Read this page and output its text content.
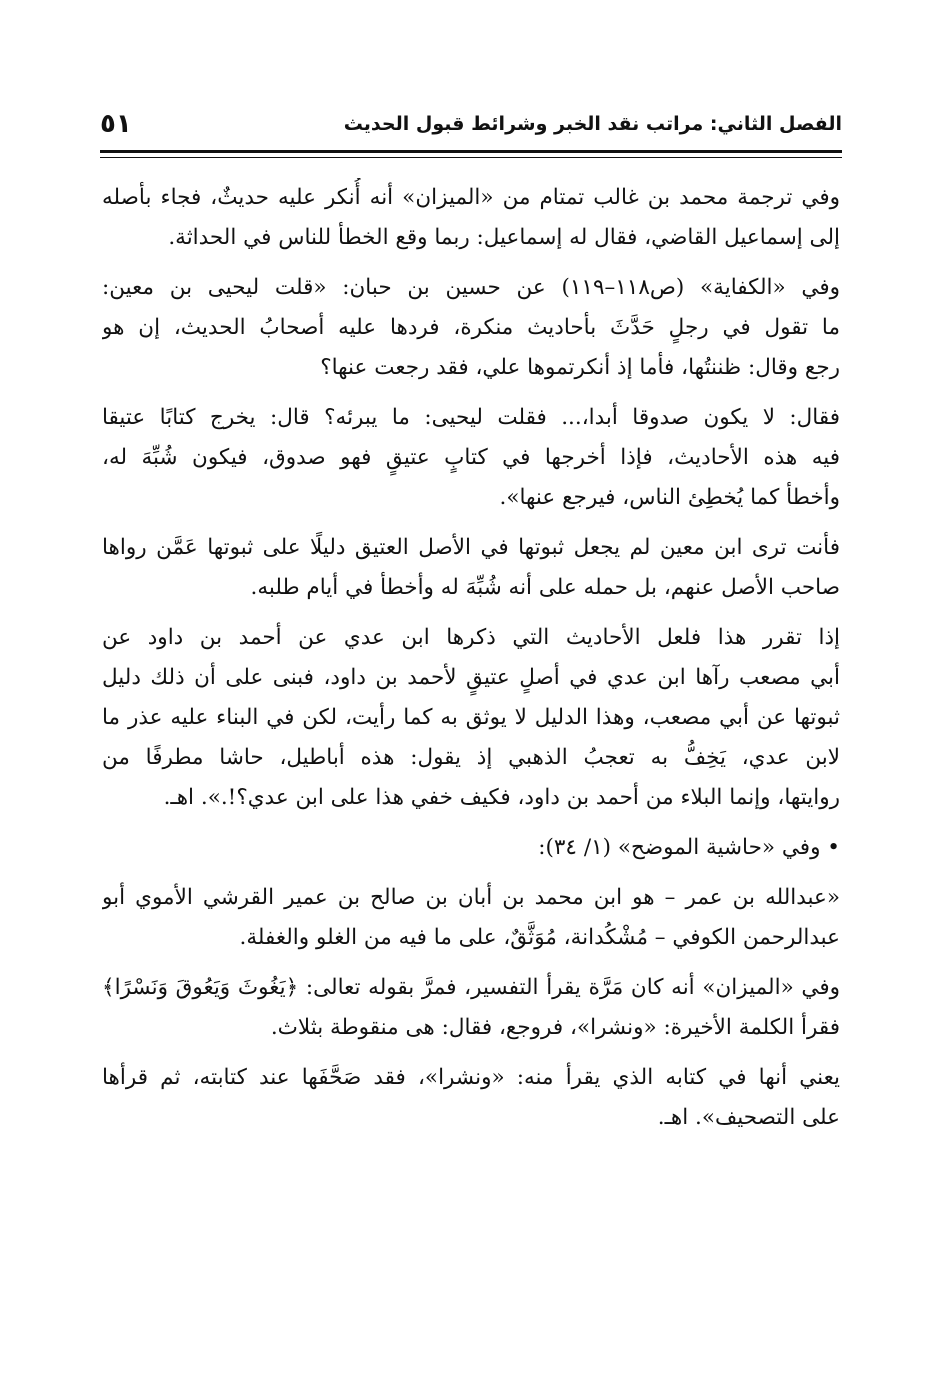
الفصل الثاني: مراتب نقد الخبر وشرائط قبول الحديث
٥١
وفي ترجمة محمد بن غالب تمتام من «الميزان» أنه أُنكر عليه حديثٌ، فجاء بأصله
إلى إسماعيل القاضي، فقال له إسماعيل: ربما وقع الخطأ للناس في الحداثة.
وفي «الكفاية» (ص١١٨–١١٩) عن حسين بن حبان: «قلت ليحيى بن معين:
ما تقول في رجلٍ حَدَّثَ بأحاديث منكرة، فردها عليه أصحابُ الحديث، إن هو
رجع وقال: ظننتُها، فأما إذ أنكرتموها علي، فقد رجعت عنها؟
فقال: لا يكون صدوقا أبدا،... فقلت ليحيى: ما يبرئه؟ قال: يخرج كتابًا عتيقا
فيه هذه الأحاديث، فإذا أخرجها في كتابٍ عتيقٍ فهو صدوق، فيكون شُبِّهَ له،
وأخطأ كما يُخطِئ الناس، فيرجع عنها».
فأنت ترى ابن معين لم يجعل ثبوتها في الأصل العتيق دليلًا على ثبوتها عَمَّن رواها
صاحب الأصل عنهم، بل حمله على أنه شُبِّهَ له وأخطأ في أيام طلبه.
إذا تقرر هذا فلعل الأحاديث التي ذكرها ابن عدي عن أحمد بن داود عن
أبي مصعب رآها ابن عدي في أصلٍ عتيقٍ لأحمد بن داود، فبنى على أن ذلك دليل
ثبوتها عن أبي مصعب، وهذا الدليل لا يوثق به كما رأيت، لكن في البناء عليه عذر ما
لابن عدي، يَخِفُّ به تعجبُ الذهبي إذ يقول: هذه أباطيل، حاشا مطرفًا من
روايتها، وإنما البلاء من أحمد بن داود، فكيف خفي هذا على ابن عدي؟!.». اهـ.
• وفي «حاشية الموضح» (١/ ٣٤):
«عبدالله بن عمر – هو ابن محمد بن أبان بن صالح بن عمير القرشي الأموي أبو
عبدالرحمن الكوفي – مُشْكُدانة، مُوَثَّقٌ، على ما فيه من الغلو والغفلة.
وفي «الميزان» أنه كان مَرَّة يقرأ التفسير، فمرَّ بقوله تعالى: ﴿يَغُوثَ وَيَعُوقَ وَنَسْرًا﴾
فقرأ الكلمة الأخيرة: «ونشرا»، فروجع، فقال: هى منقوطة بثلاث.
يعني أنها في كتابه الذي يقرأ منه: «ونشرا»، فقد صَحَّفَها عند كتابته، ثم قرأها
على التصحيف». اهـ.
